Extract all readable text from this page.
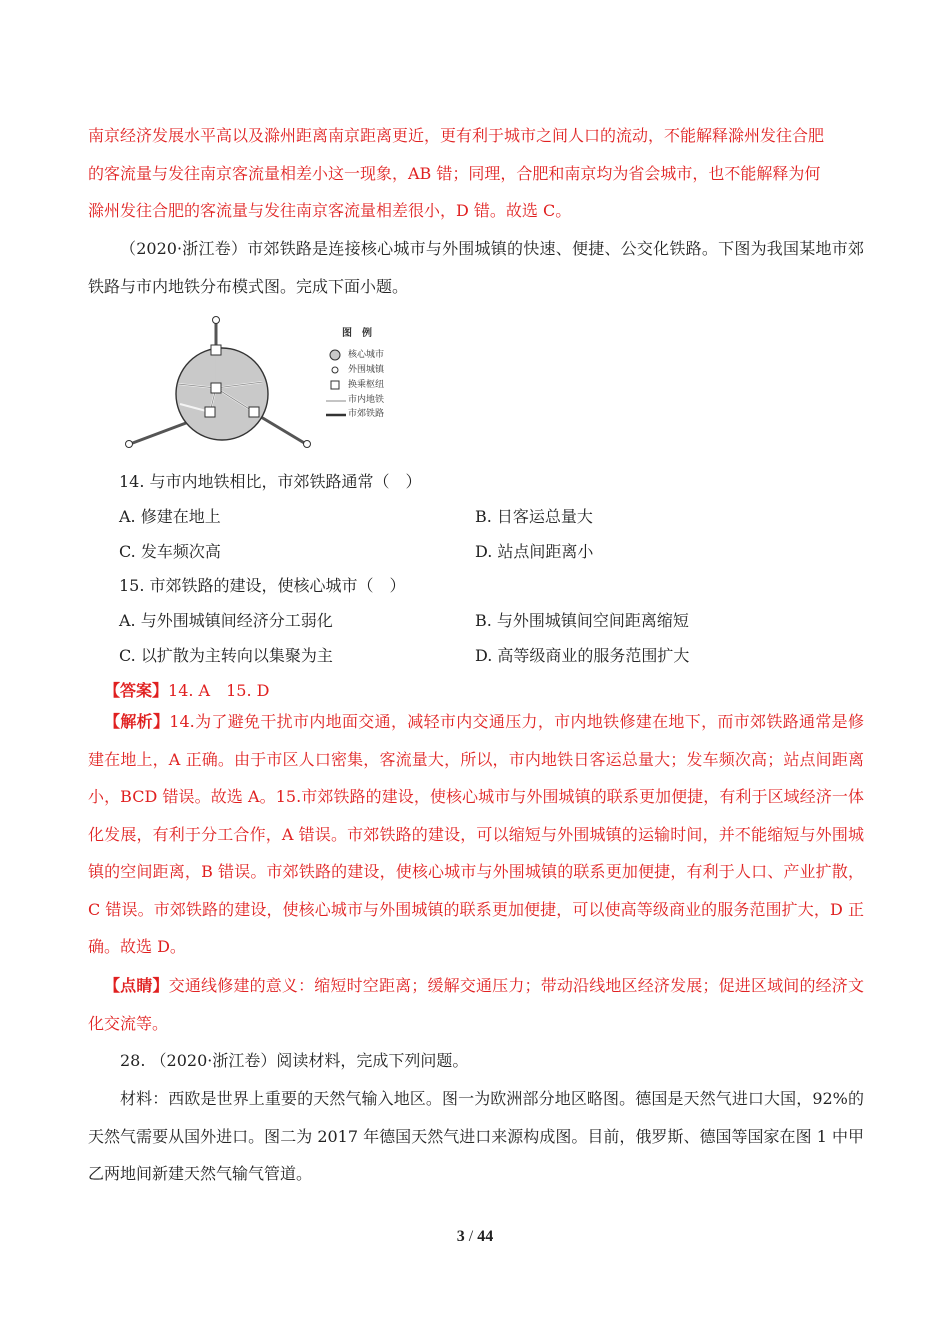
南京经济发展水平高以及滁州距离南京距离更近，更有利于城市之间人口的流动，不能解释滁州发往合肥
的客流量与发往南京客流量相差小这一现象，AB 错；同理，合肥和南京均为省会城市，也不能解释为何
滁州发往合肥的客流量与发往南京客流量相差很小，D 错。故选 C。
（2020·浙江卷）市郊铁路是连接核心城市与外围城镇的快速、便捷、公交化铁路。下图为我国某地市郊铁路与市内地铁分布模式图。完成下面小题。
图　例
核心城市
外围城镇
换乘枢纽
市内地铁
市郊铁路
14. 与市内地铁相比，市郊铁路通常（　）
A. 修建在地上	B. 日客运总量大
C. 发车频次高	D. 站点间距离小
15. 市郊铁路的建设，使核心城市（　）
A. 与外围城镇间经济分工弱化	B. 与外围城镇间空间距离缩短
C. 以扩散为主转向以集聚为主	D. 高等级商业的服务范围扩大
【答案】14. A　15. D
【解析】14.为了避免干扰市内地面交通，减轻市内交通压力，市内地铁修建在地下，而市郊铁路通常是修建在地上，A 正确。由于市区人口密集，客流量大，所以，市内地铁日客运总量大；发车频次高；站点间距离小，BCD 错误。故选 A。15.市郊铁路的建设，使核心城市与外围城镇的联系更加便捷，有利于区域经济一体化发展，有利于分工合作，A 错误。市郊铁路的建设，可以缩短与外围城镇的运输时间，并不能缩短与外围城镇的空间距离，B 错误。市郊铁路的建设，使核心城市与外围城镇的联系更加便捷，有利于人口、产业扩散，C 错误。市郊铁路的建设，使核心城市与外围城镇的联系更加便捷，可以使高等级商业的服务范围扩大，D 正确。故选 D。
【点睛】交通线修建的意义：缩短时空距离；缓解交通压力；带动沿线地区经济发展；促进区域间的经济文化交流等。
28. （2020·浙江卷）阅读材料，完成下列问题。
材料：西欧是世界上重要的天然气输入地区。图一为欧洲部分地区略图。德国是天然气进口大国，92%的天然气需要从国外进口。图二为 2017 年德国天然气进口来源构成图。目前，俄罗斯、德国等国家在图 1 中甲乙两地间新建天然气输气管道。
3 / 44
